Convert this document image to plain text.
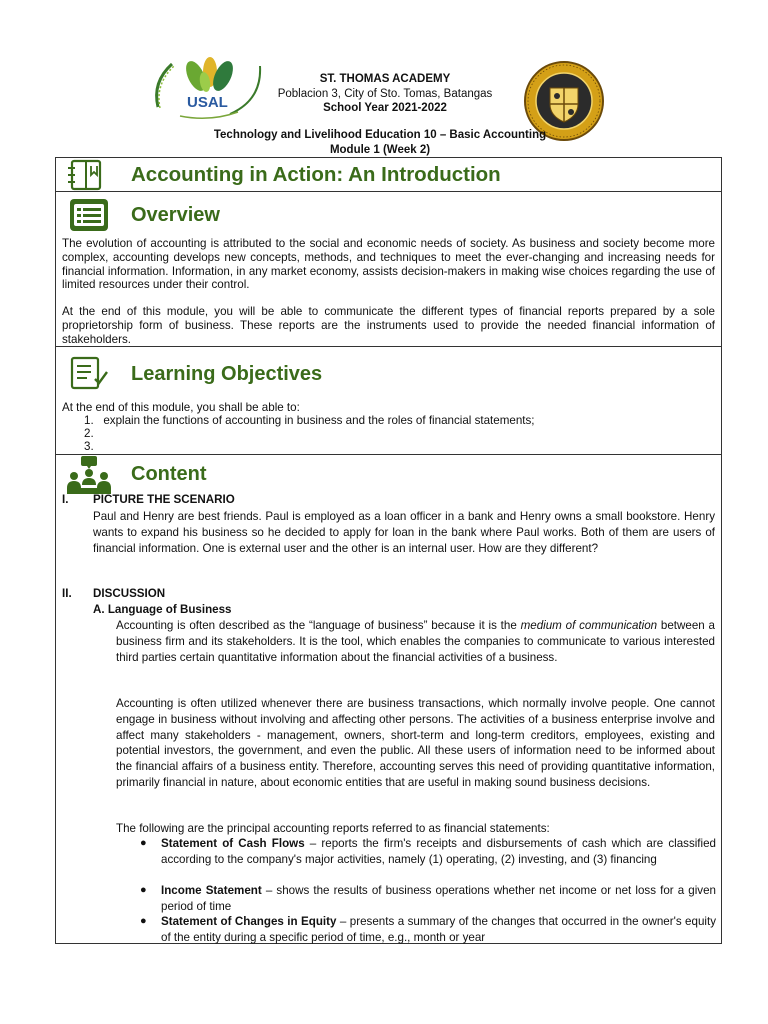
USAL
ST. THOMAS ACADEMY
Poblacion 3, City of Sto. Tomas, Batangas
School Year 2021-2022
Technology and Livelihood Education 10 – Basic Accounting
Module 1 (Week 2)
Accounting in Action: An Introduction
Overview
The evolution of accounting is attributed to the social and economic needs of society. As business and society become more complex, accounting develops new concepts, methods, and techniques to meet the ever-changing and increasing needs for financial information. Information, in any market economy, assists decision-makers in making wise choices regarding the use of limited resources under their control.
At the end of this module, you will be able to communicate the different types of financial reports prepared by a sole proprietorship form of business. These reports are the instruments used to provide the needed financial information of stakeholders.
Learning Objectives
At the end of this module, you shall be able to:
1. explain the functions of accounting in business and the roles of financial statements;
2.
3.
Content
I. PICTURE THE SCENARIO
Paul and Henry are best friends. Paul is employed as a loan officer in a bank and Henry owns a small bookstore. Henry wants to expand his business so he decided to apply for loan in the bank where Paul works. Both of them are users of financial information. One is external user and the other is an internal user. How are they different?
II. DISCUSSION
A. Language of Business
Accounting is often described as the “language of business” because it is the medium of communication between a business firm and its stakeholders. It is the tool, which enables the companies to communicate to various interested third parties certain quantitative information about the financial activities of a business.
Accounting is often utilized whenever there are business transactions, which normally involve people. One cannot engage in business without involving and affecting other persons. The activities of a business enterprise involve and affect many stakeholders - management, owners, short-term and long-term creditors, employees, existing and potential investors, the government, and even the public. All these users of information need to be informed about the financial affairs of a business entity. Therefore, accounting serves this need of providing quantitative information, primarily financial in nature, about economic entities that are useful in making sound business decisions.
The following are the principal accounting reports referred to as financial statements:
● Statement of Cash Flows – reports the firm's receipts and disbursements of cash which are classified according to the company's major activities, namely (1) operating, (2) investing, and (3) financing
● Income Statement – shows the results of business operations whether net income or net loss for a given period of time
● Statement of Changes in Equity – presents a summary of the changes that occurred in the owner's equity of the entity during a specific period of time, e.g., month or year
